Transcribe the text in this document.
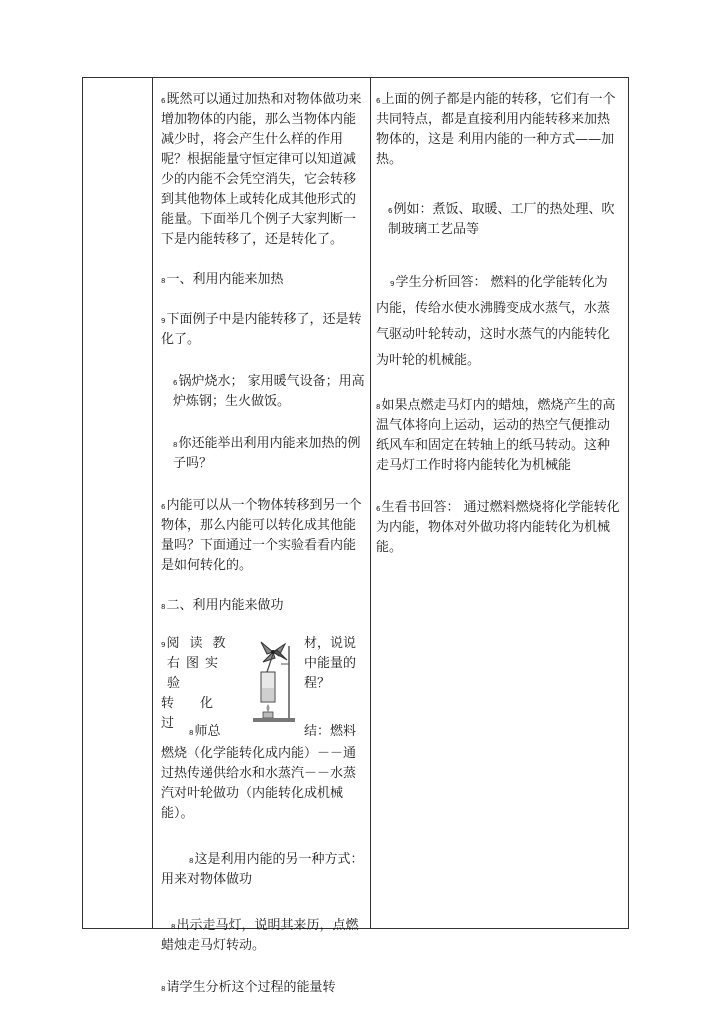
6既然可以通过加热和对物体做功来增加物体的内能，那么当物体内能减少时，将会产生什么样的作用呢？根据能量守恒定律可以知道减少的内能不会凭空消失，它会转移到其他物体上或转化成其他形式的能量。下面举几个例子大家判断一下是内能转移了，还是转化了。

8一、利用内能来加热

9下面例子中是内能转移了，还是转化了。

6锅炉烧水； 家用暖气设备；用高炉炼钢；生火做饭。

8你还能举出利用内能来加热的例子吗？

6内能可以从一个物体转移到另一个物体，那么内能可以转化成其他能量吗？下面通过一个实验看看内能是如何转化的。

8二、利用内能来做功

9阅读教
右图实验
转化过
材，说说
中能量的
程？
8师总	结：燃料

燃烧（化学能转化成内能）－－通过热传递供给水和水蒸汽－－水蒸汽对叶轮做功（内能转化成机械能）。

8这是利用内能的另一种方式：用来对物体做功

8出示走马灯，说明其来历，点燃蜡烛走马灯转动。

8请学生分析这个过程的能量转

6上面的例子都是内能的转移，它们有一个共同特点，都是直接利用内能转移来加热物体的，这是 利用内能的一种方式——加热。

6例如：煮饭、取暖、工厂的热处理、吹制玻璃工艺品等

9学生分析回答： 燃料的化学能转化为内能，传给水使水沸腾变成水蒸气，水蒸气驱动叶轮转动，这时水蒸气的内能转化为叶轮的机械能。

8如果点燃走马灯内的蜡烛，燃烧产生的高温气体将向上运动，运动的热空气便推动纸风车和固定在转轴上的纸马转动。这种走马灯工作时将内能转化为机械能

6生看书回答： 通过燃料燃烧将化学能转化为内能，物体对外做功将内能转化为机械能。
